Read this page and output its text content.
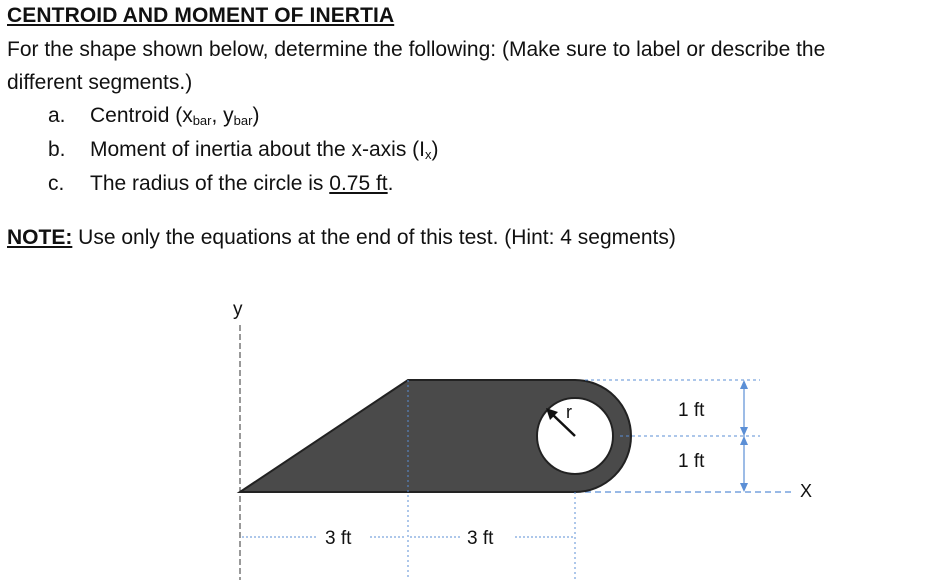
CENTROID AND MOMENT OF INERTIA
For the shape shown below, determine the following: (Make sure to label or describe the
different segments.)
a. Centroid ($x_{bar}$, $y_{bar}$)
b. Moment of inertia about the x-axis $(I_x)$
c. The radius of the circle is 0.75 ft.
NOTE: Use only the equations at the end of this test. (Hint: 4 segments)
y
X
r	1 ft
1 ft
3 ft	3 ft
